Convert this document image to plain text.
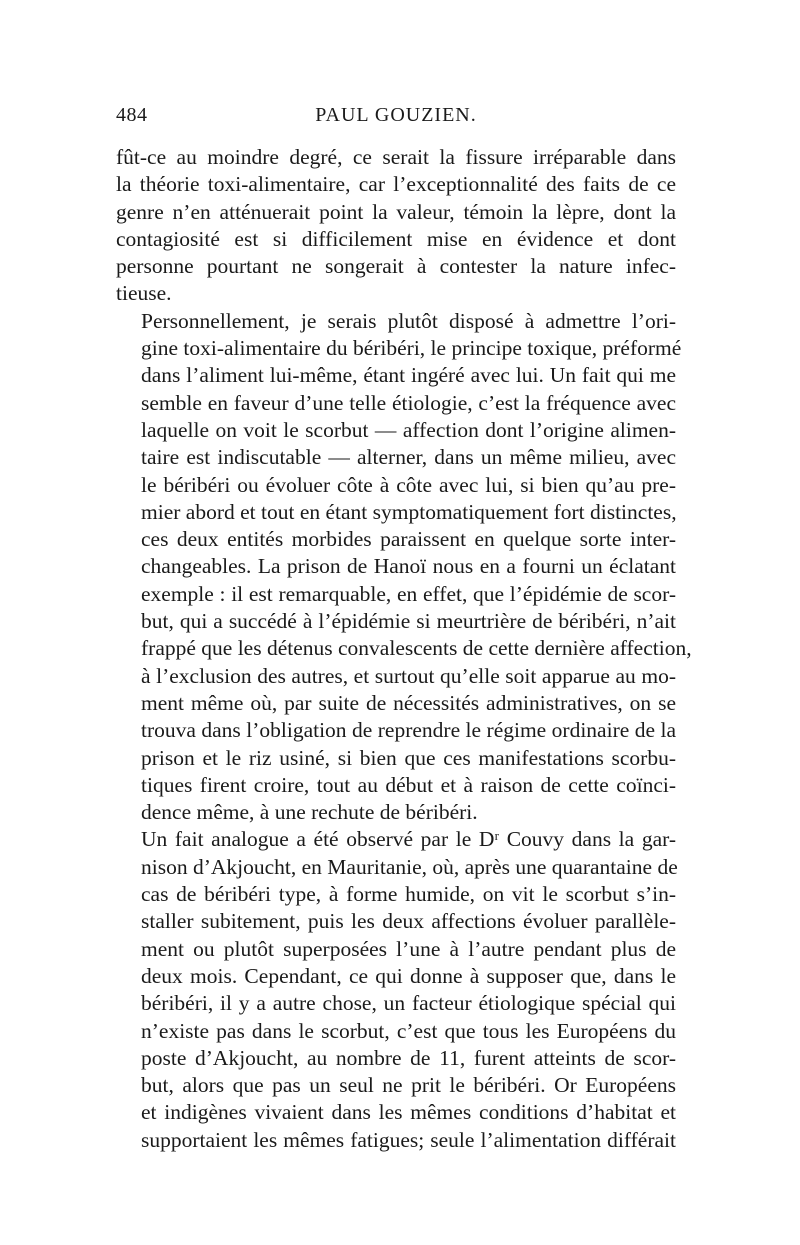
484	PAUL GOUZIEN.

fût-ce au moindre degré, ce serait la fissure irréparable dans
la théorie toxi-alimentaire, car l’exceptionnalité des faits de ce
genre n’en atténuerait point la valeur, témoin la lèpre, dont la
contagiosité est si difficilement mise en évidence et dont
personne pourtant ne songerait à contester la nature infec-
tieuse.

Personnellement, je serais plutôt disposé à admettre l’ori-
gine toxi-alimentaire du béribéri, le principe toxique, préformé
dans l’aliment lui-même, étant ingéré avec lui. Un fait qui me
semble en faveur d’une telle étiologie, c’est la fréquence avec
laquelle on voit le scorbut — affection dont l’origine alimen-
taire est indiscutable — alterner, dans un même milieu, avec
le béribéri ou évoluer côte à côte avec lui, si bien qu’au pre-
mier abord et tout en étant symptomatiquement fort distinctes,
ces deux entités morbides paraissent en quelque sorte inter-
changeables. La prison de Hanoï nous en a fourni un éclatant
exemple : il est remarquable, en effet, que l’épidémie de scor-
but, qui a succédé à l’épidémie si meurtrière de béribéri, n’ait
frappé que les détenus convalescents de cette dernière affection,
à l’exclusion des autres, et surtout qu’elle soit apparue au mo-
ment même où, par suite de nécessités administratives, on se
trouva dans l’obligation de reprendre le régime ordinaire de la
prison et le riz usiné, si bien que ces manifestations scorbu-
tiques firent croire, tout au début et à raison de cette coïnci-
dence même, à une rechute de béribéri.

Un fait analogue a été observé par le Dʳ Couvy dans la gar-
nison d’Akjoucht, en Mauritanie, où, après une quarantaine de
cas de béribéri type, à forme humide, on vit le scorbut s’in-
staller subitement, puis les deux affections évoluer parallèle-
ment ou plutôt superposées l’une à l’autre pendant plus de
deux mois. Cependant, ce qui donne à supposer que, dans le
béribéri, il y a autre chose, un facteur étiologique spécial qui
n’existe pas dans le scorbut, c’est que tous les Européens du
poste d’Akjoucht, au nombre de 11, furent atteints de scor-
but, alors que pas un seul ne prit le béribéri. Or Européens
et indigènes vivaient dans les mêmes conditions d’habitat et
supportaient les mêmes fatigues; seule l’alimentation différait
